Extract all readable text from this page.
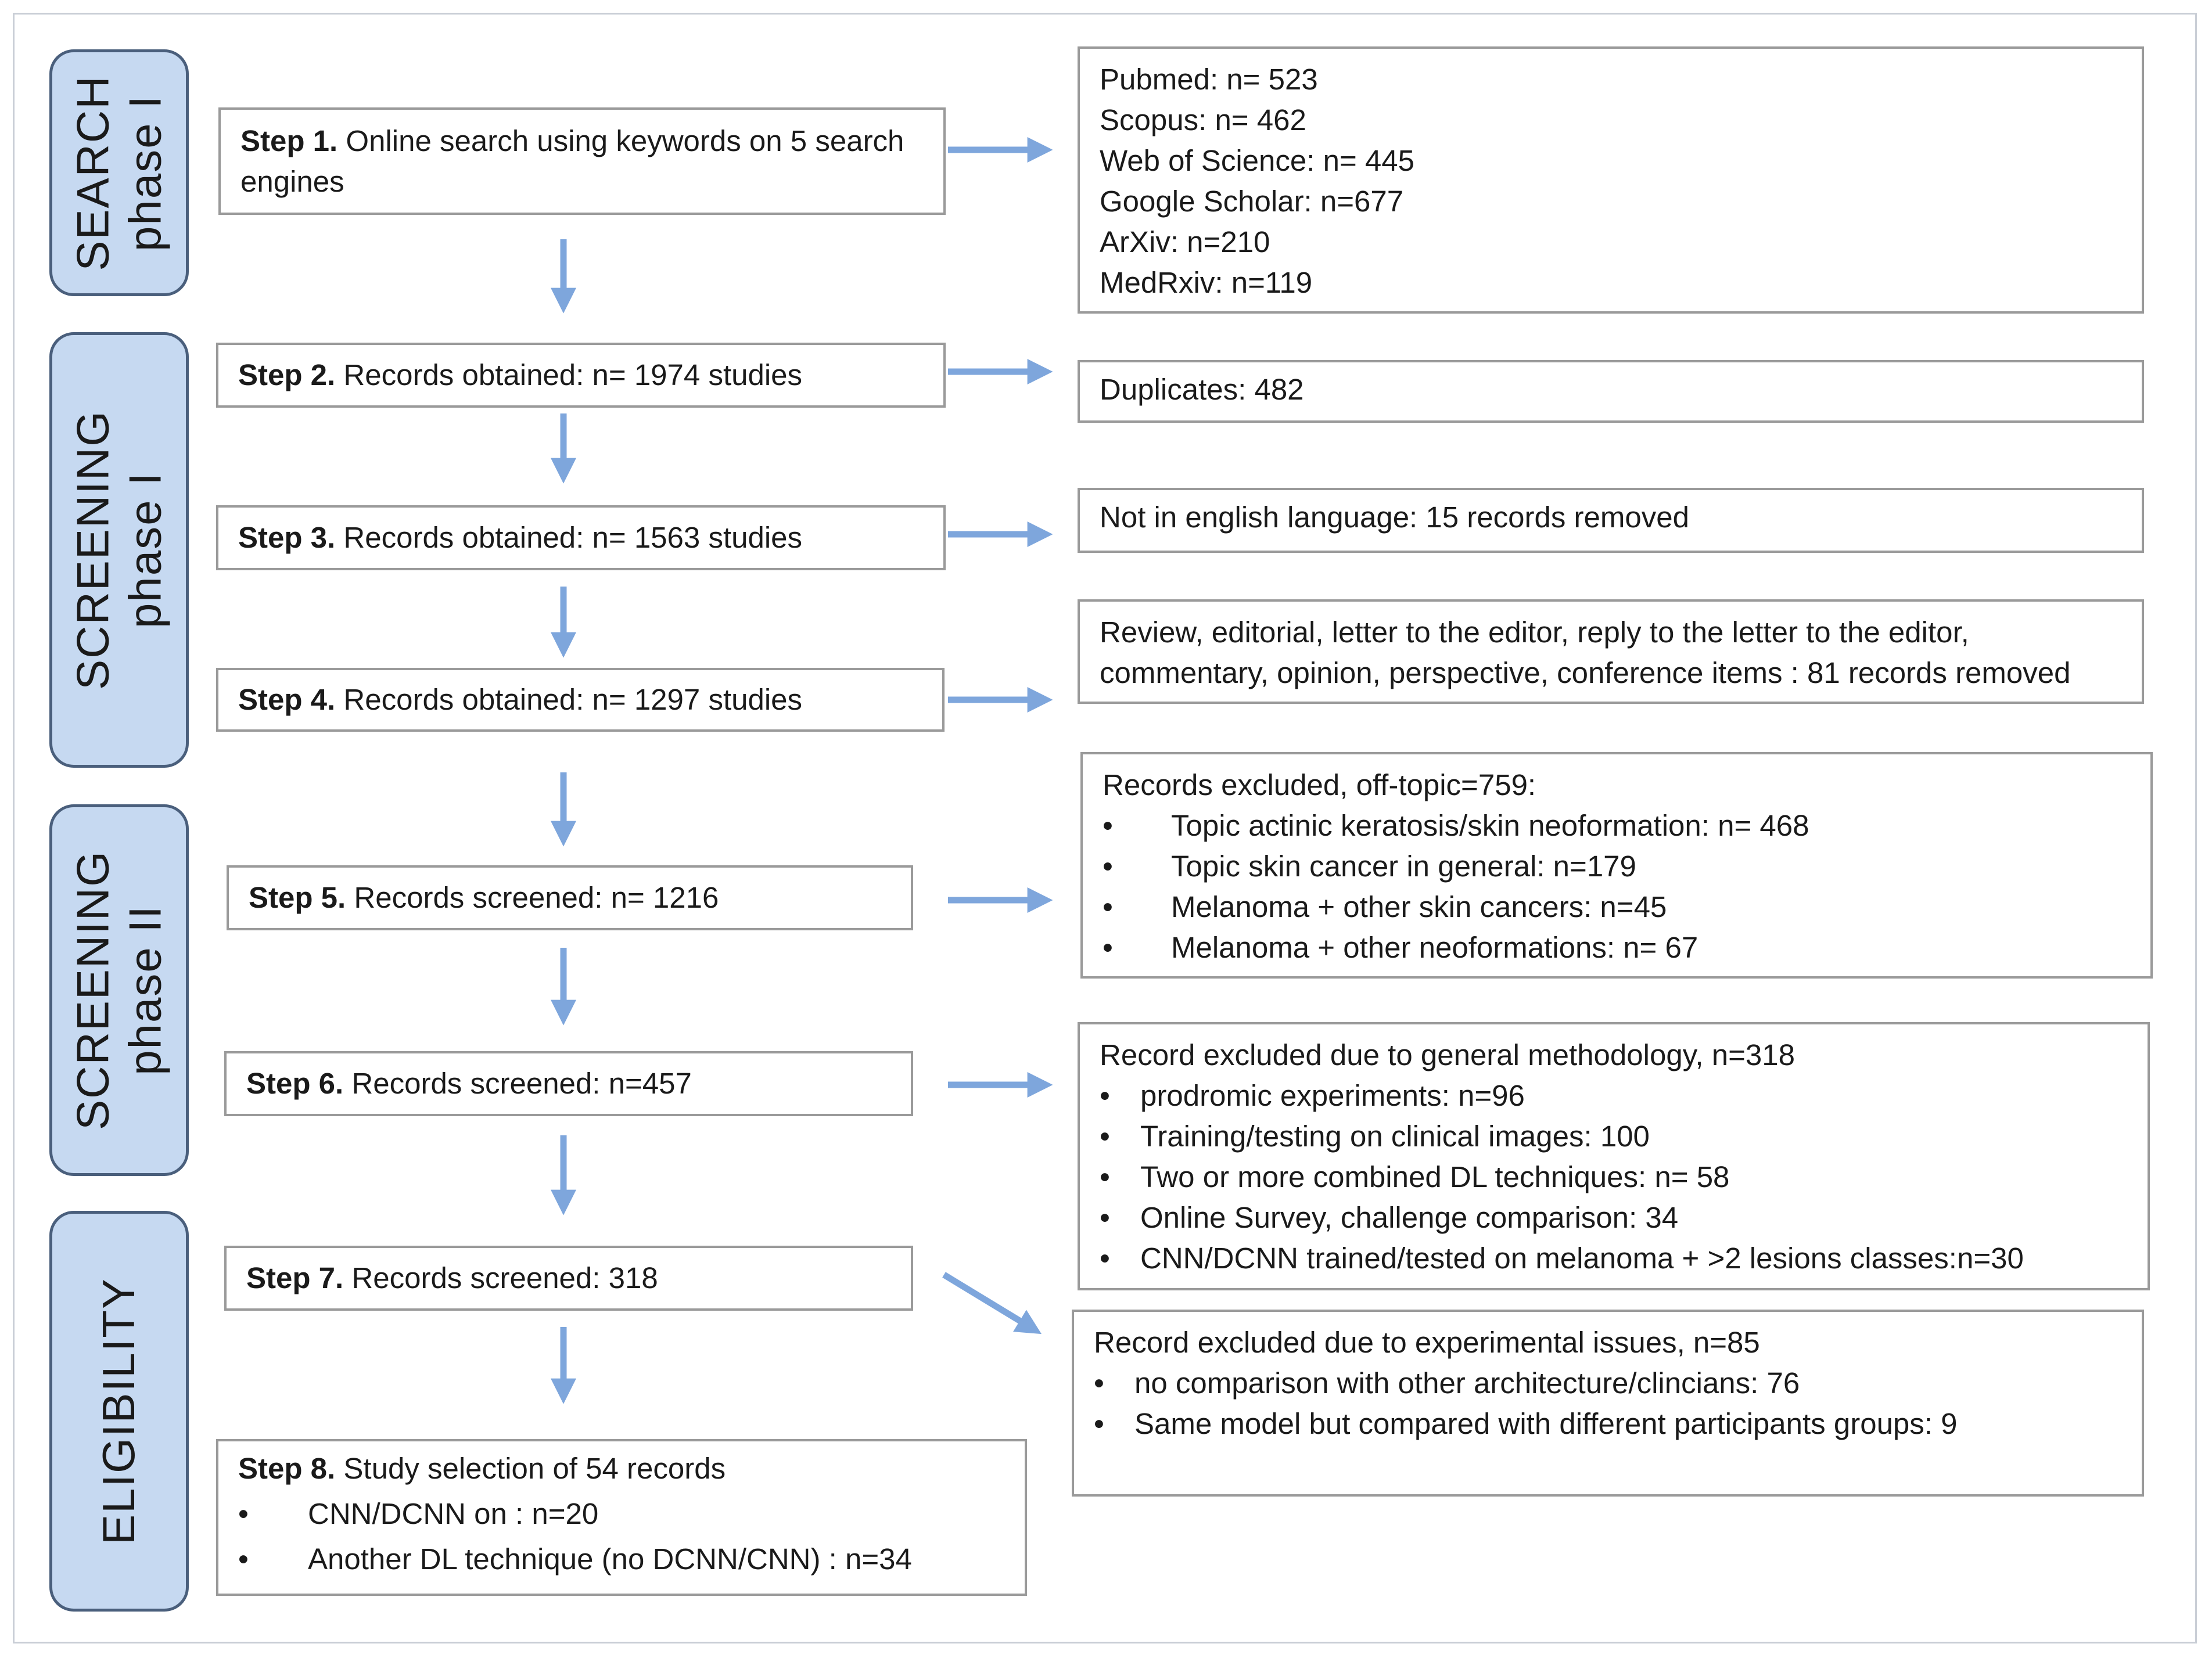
SEARCH phase I
SCREENING phase I
SCREENING phase II
ELIGIBILITY
Step 1. Online search using keywords on 5 search engines
Step 2. Records obtained: n= 1974 studies
Step 3. Records obtained: n= 1563 studies
Step 4. Records obtained: n= 1297 studies
Step 5. Records screened: n= 1216
Step 6. Records screened: n=457
Step 7. Records screened: 318
Step 8. Study selection of 54 records
• CNN/DCNN on : n=20
• Another DL technique (no DCNN/CNN) : n=34
Pubmed: n= 523
Scopus: n= 462
Web of Science: n= 445
Google Scholar: n=677
ArXiv: n=210
MedRxiv: n=119
Duplicates: 482
Not in english language: 15 records removed
Review, editorial, letter to the editor, reply to the letter to the editor,
commentary, opinion, perspective, conference items : 81 records removed
Records excluded, off-topic=759:
• Topic actinic keratosis/skin neoformation: n= 468
• Topic skin cancer in general: n=179
• Melanoma + other skin cancers: n=45
• Melanoma + other neoformations: n= 67
Record excluded due to general methodology, n=318
• prodromic experiments: n=96
• Training/testing on clinical images: 100
• Two or more combined DL techniques: n= 58
• Online Survey, challenge comparison: 34
• CNN/DCNN trained/tested on melanoma + >2 lesions classes:n=30
Record excluded due to experimental issues, n=85
• no comparison with other architecture/clincians: 76
• Same model but compared with different participants groups: 9
